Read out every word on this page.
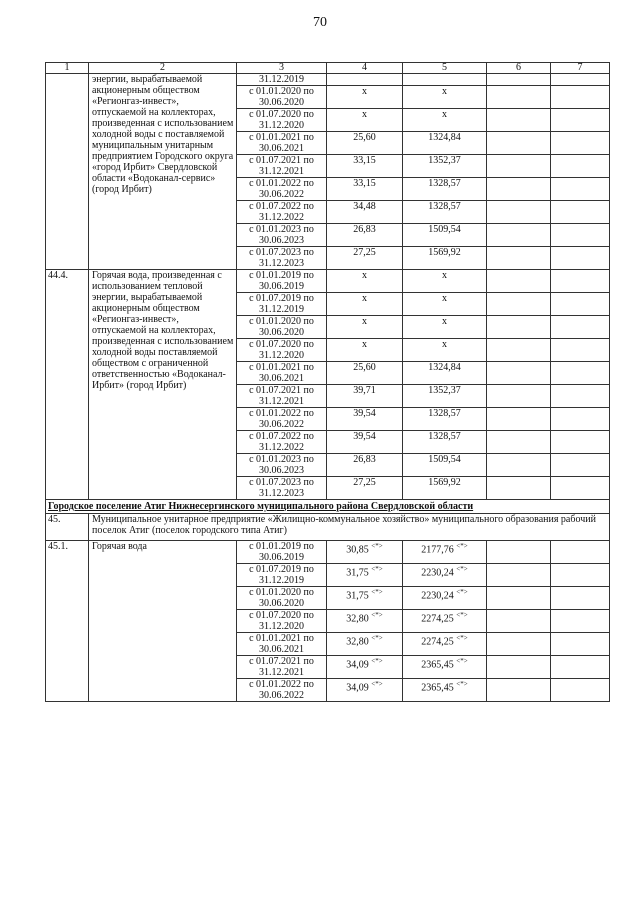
70
1	2	3	4	5	6	7
	энергии, вырабатываемой акционерным обществом «Регионгаз-инвест», отпускаемой на коллекторах, произведенная с использованием холодной воды с поставляемой муниципальным унитарным предприятием Городского округа «город Ирбит» Свердловской области «Водоканал-сервис» (город Ирбит)	31.12.2019				

		с 01.01.2020 по
30.06.2020	х	х		

		с 01.07.2020 по
31.12.2020	х	х		

		с 01.01.2021 по
30.06.2021	25,60	1324,84		

		с 01.07.2021 по
31.12.2021	33,15	1352,37		

		с 01.01.2022 по
30.06.2022	33,15	1328,57		

		с 01.07.2022 по
31.12.2022	34,48	1328,57		

		с 01.01.2023 по
30.06.2023	26,83	1509,54		

		с 01.07.2023 по
31.12.2023	27,25	1569,92		
44.4.	Горячая вода, произведенная с использованием тепловой энергии, вырабатываемой акционерным обществом «Регионгаз-инвест», отпускаемой на коллекторах, произведенная с использованием холодной воды поставляемой обществом с ограниченной ответственностью «Водоканал-Ирбит» (город Ирбит)	с 01.01.2019 по
30.06.2019	х	х		

		с 01.07.2019 по
31.12.2019	х	х		

		с 01.01.2020 по
30.06.2020	х	х		

		с 01.07.2020 по
31.12.2020	х	х		

		с 01.01.2021 по
30.06.2021	25,60	1324,84		

		с 01.07.2021 по
31.12.2021	39,71	1352,37		

		с 01.01.2022 по
30.06.2022	39,54	1328,57		

		с 01.07.2022 по
31.12.2022	39,54	1328,57		

		с 01.01.2023 по
30.06.2023	26,83	1509,54		

		с 01.07.2023 по
31.12.2023	27,25	1569,92		
Городское поселение Атиг Нижнесергинского муниципального района Свердловской области						
45.	Муниципальное унитарное предприятие «Жилищно-коммунальное хозяйство» муниципального образования рабочий поселок Атиг (поселок городского типа Атиг)					
45.1.	Горячая вода	с 01.01.2019 по
30.06.2019	30,85 <*>	2177,76 <*>		

		с 01.07.2019 по
31.12.2019	31,75 <*>	2230,24 <*>		

		с 01.01.2020 по
30.06.2020	31,75 <*>	2230,24 <*>		

		с 01.07.2020 по
31.12.2020	32,80 <*>	2274,25 <*>		

		с 01.01.2021 по
30.06.2021	32,80 <*>	2274,25 <*>		

		с 01.07.2021 по
31.12.2021	34,09 <*>	2365,45 <*>		

		с 01.01.2022 по
30.06.2022	34,09 <*>	2365,45 <*>		
